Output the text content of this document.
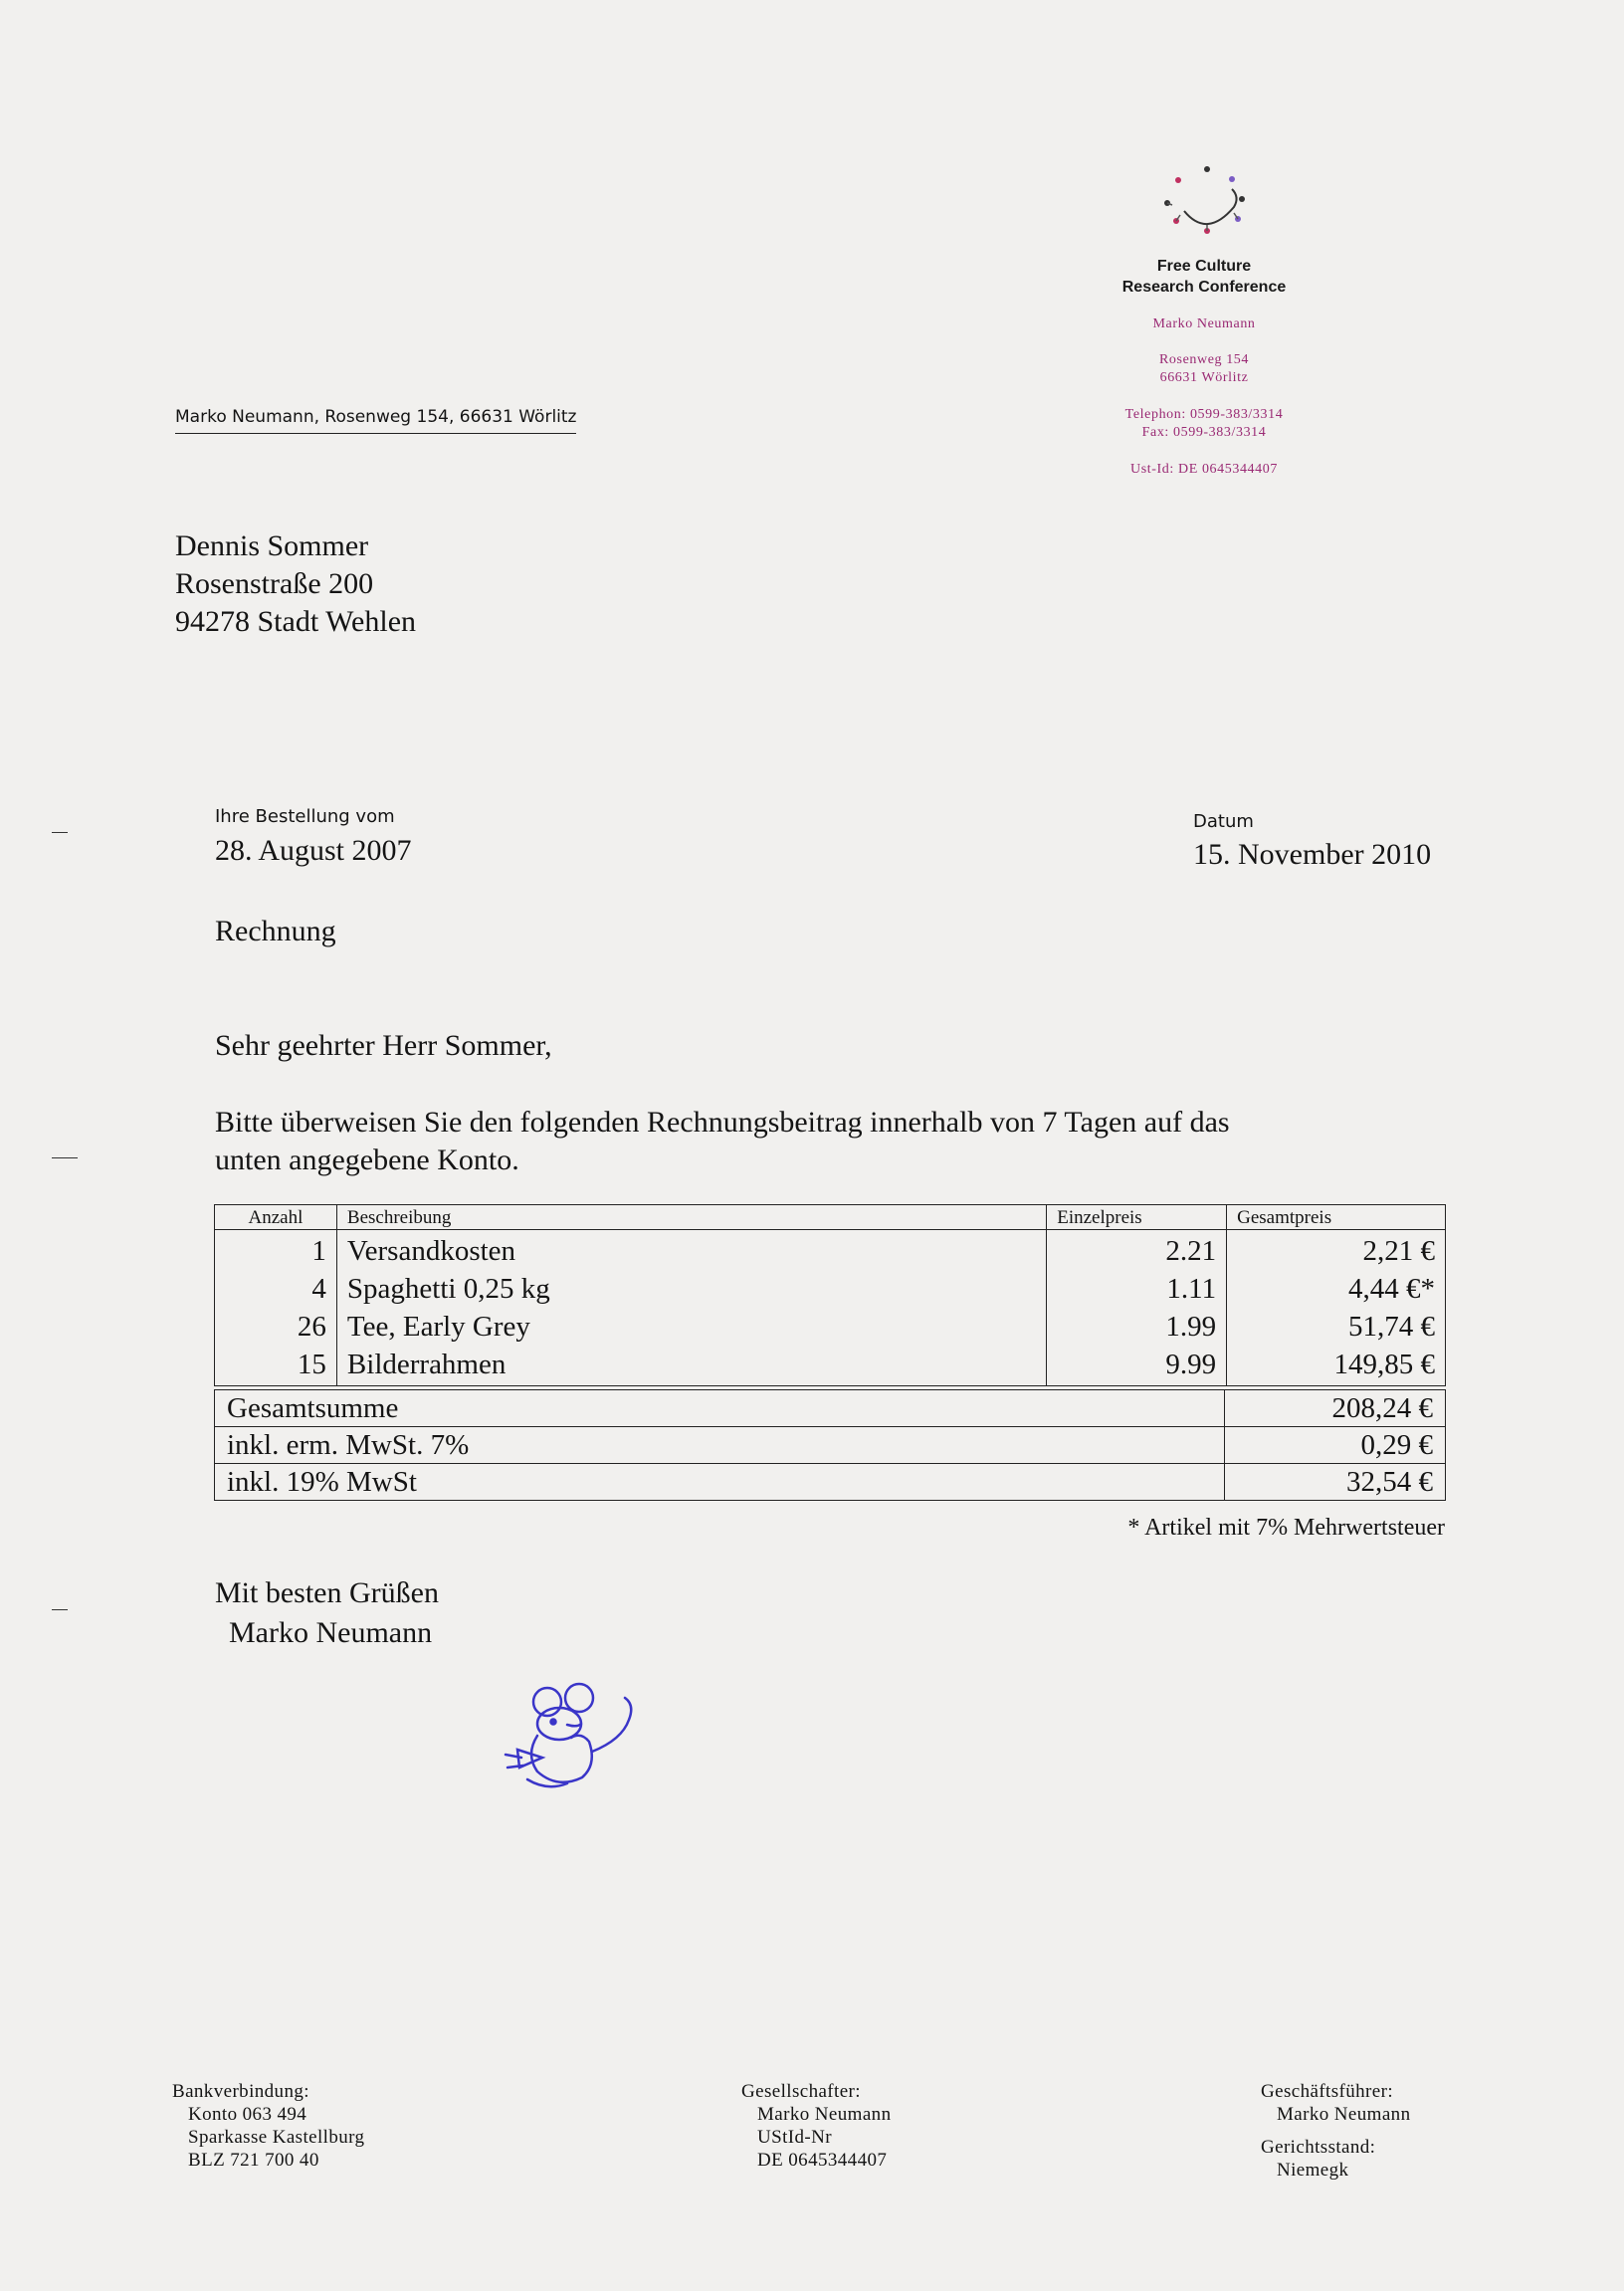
Free Culture
Research Conference
Marko Neumann
Rosenweg 154
66631 Wörlitz
Telephon: 0599-383/3314
Fax: 0599-383/3314
Ust-Id: DE 0645344407
Marko Neumann, Rosenweg 154, 66631 Wörlitz
Dennis Sommer
Rosenstraße 200
94278 Stadt Wehlen
Ihre Bestellung vom
28. August 2007
Datum
15. November 2010
Rechnung
Sehr geehrter Herr Sommer,
Bitte überweisen Sie den folgenden Rechnungsbeitrag innerhalb von 7 Tagen auf das
unten angegebene Konto.
Anzahl	Beschreibung	Einzelpreis	Gesamtpreis
1	Versandkosten	2.21	2,21 €
4	Spaghetti 0,25 kg	1.11	4,44 €*
26	Tee, Early Grey	1.99	51,74 €
15	Bilderrahmen	9.99	149,85 €
Gesamtsumme	208,24 €
inkl. erm. MwSt. 7%	0,29 €
inkl. 19% MwSt	32,54 €
* Artikel mit 7% Mehrwertsteuer
Mit besten Grüßen
Marko Neumann
Bankverbindung:
Konto 063 494
Sparkasse Kastellburg
BLZ 721 700 40
Gesellschafter:
Marko Neumann
UStId-Nr
DE 0645344407
Geschäftsführer:
Marko Neumann
Gerichtsstand:
Niemegk
